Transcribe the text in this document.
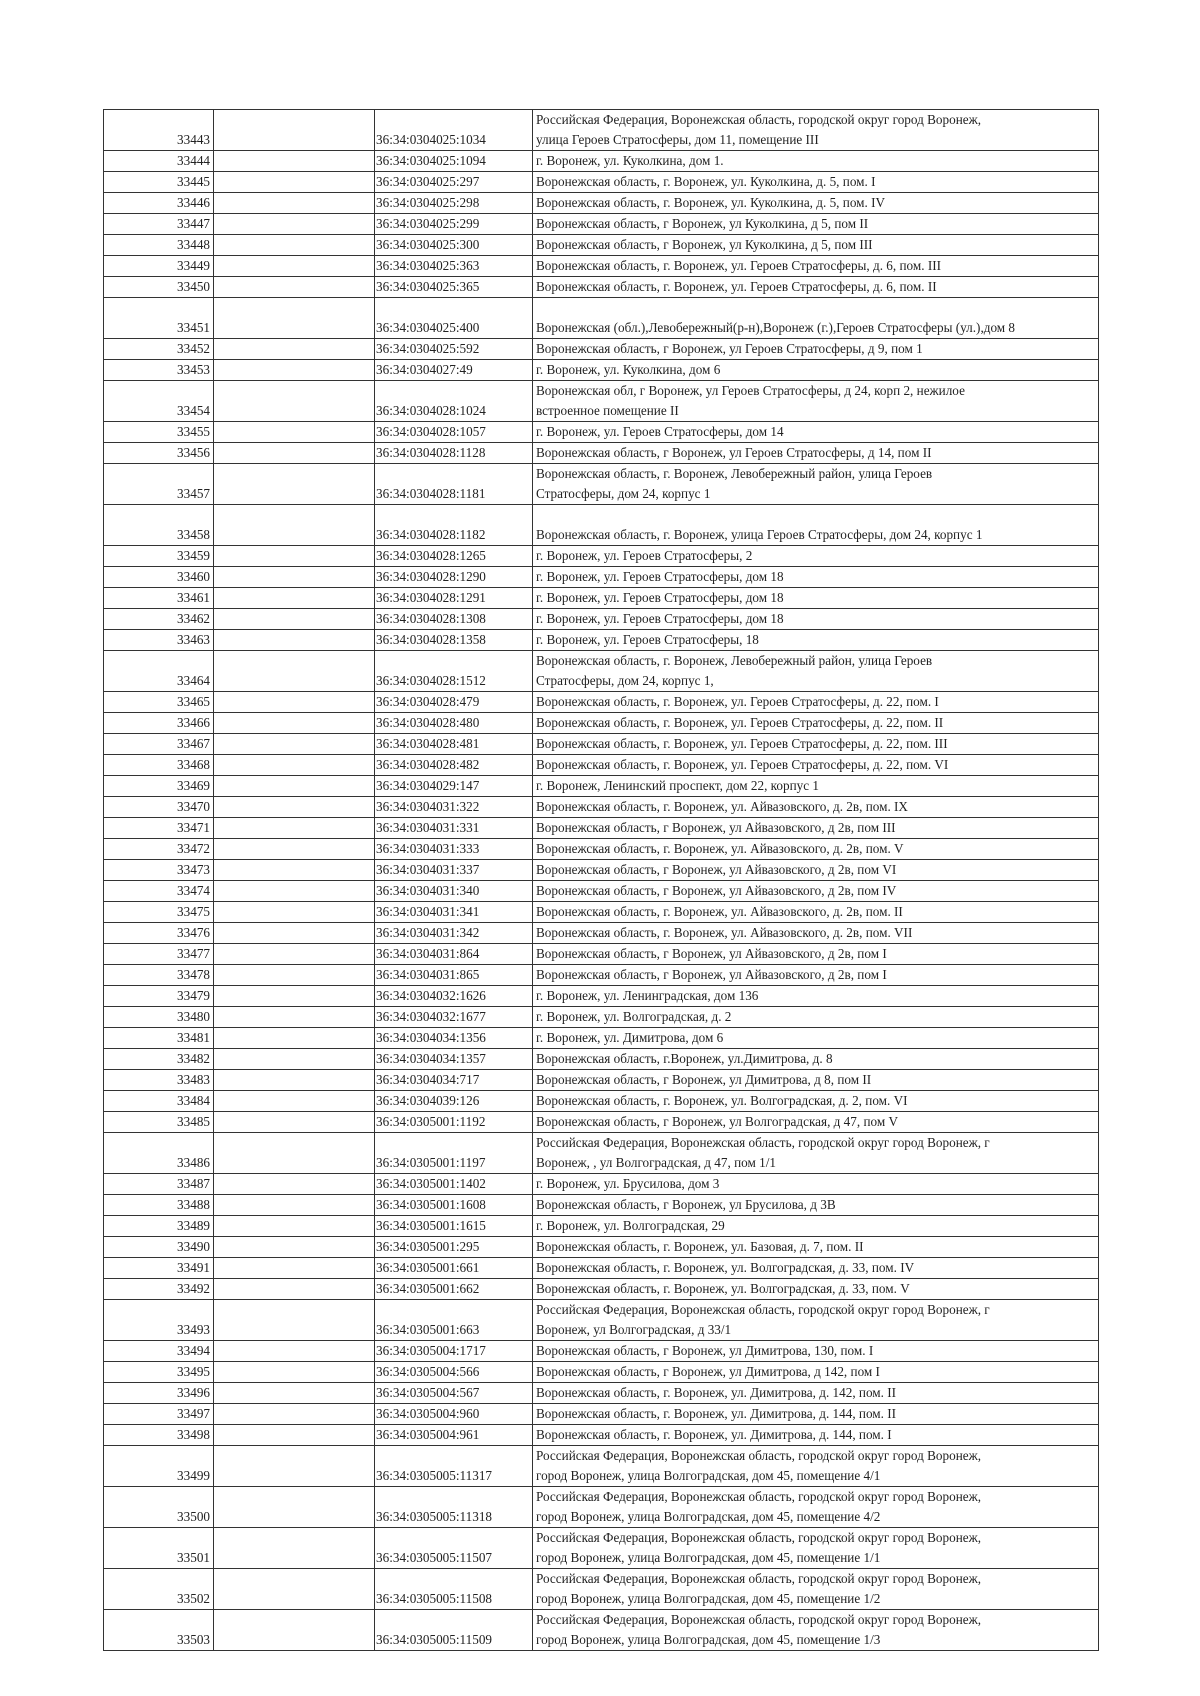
33443		36:34:0304025:1034	Российская Федерация, Воронежская область, городской округ город Воронеж,
улица Героев Стратосферы, дом 11, помещение III

33444		36:34:0304025:1094	г. Воронеж, ул. Куколкина, дом 1.

33445		36:34:0304025:297	Воронежская область, г. Воронеж, ул. Куколкина, д. 5, пом. I

33446		36:34:0304025:298	Воронежская область, г. Воронеж, ул. Куколкина, д. 5, пом. IV

33447		36:34:0304025:299	Воронежская область, г Воронеж, ул Куколкина, д 5, пом II

33448		36:34:0304025:300	Воронежская область, г Воронеж, ул Куколкина, д 5, пом III

33449		36:34:0304025:363	Воронежская область, г. Воронеж, ул. Героев Стратосферы, д. 6, пом. III

33450		36:34:0304025:365	Воронежская область, г. Воронеж, ул. Героев Стратосферы, д. 6, пом. II

33451		36:34:0304025:400	Воронежская (обл.),Левобережный(р-н),Воронеж (г.),Героев Стратосферы (ул.),дом 8

33452		36:34:0304025:592	Воронежская область, г Воронеж, ул Героев Стратосферы, д 9, пом 1

33453		36:34:0304027:49	г. Воронеж, ул. Куколкина, дом 6

33454		36:34:0304028:1024	Воронежская обл, г Воронеж, ул Героев Стратосферы, д 24, корп 2, нежилое
встроенное помещение II

33455		36:34:0304028:1057	г. Воронеж, ул. Героев Стратосферы, дом 14

33456		36:34:0304028:1128	Воронежская область, г Воронеж, ул Героев Стратосферы, д 14, пом II

33457		36:34:0304028:1181	Воронежская область, г. Воронеж, Левобережный район, улица Героев
Стратосферы, дом 24, корпус 1

33458		36:34:0304028:1182	Воронежская область, г. Воронеж, улица Героев Стратосферы, дом 24, корпус 1

33459		36:34:0304028:1265	г. Воронеж, ул. Героев Стратосферы, 2

33460		36:34:0304028:1290	г. Воронеж, ул. Героев Стратосферы, дом 18

33461		36:34:0304028:1291	г. Воронеж, ул. Героев Стратосферы, дом 18

33462		36:34:0304028:1308	г. Воронеж, ул. Героев Стратосферы, дом 18

33463		36:34:0304028:1358	г. Воронеж, ул. Героев Стратосферы, 18

33464		36:34:0304028:1512	Воронежская область, г. Воронеж, Левобережный район, улица Героев
Стратосферы, дом 24, корпус 1,

33465		36:34:0304028:479	Воронежская область, г. Воронеж, ул. Героев Стратосферы, д. 22, пом. I

33466		36:34:0304028:480	Воронежская область, г. Воронеж, ул. Героев Стратосферы, д. 22, пом. II

33467		36:34:0304028:481	Воронежская область, г. Воронеж, ул. Героев Стратосферы, д. 22, пом. III

33468		36:34:0304028:482	Воронежская область, г. Воронеж, ул. Героев Стратосферы, д. 22, пом. VI

33469		36:34:0304029:147	г. Воронеж, Ленинский проспект, дом 22, корпус 1

33470		36:34:0304031:322	Воронежская область, г. Воронеж, ул. Айвазовского, д. 2в, пом. IX

33471		36:34:0304031:331	Воронежская область, г Воронеж, ул Айвазовского, д 2в, пом III

33472		36:34:0304031:333	Воронежская область, г. Воронеж, ул. Айвазовского, д. 2в, пом. V

33473		36:34:0304031:337	Воронежская область, г Воронеж, ул Айвазовского, д 2в, пом VI

33474		36:34:0304031:340	Воронежская область, г Воронеж, ул Айвазовского, д 2в, пом IV

33475		36:34:0304031:341	Воронежская область, г. Воронеж, ул. Айвазовского, д. 2в, пом. II

33476		36:34:0304031:342	Воронежская область, г. Воронеж, ул. Айвазовского, д. 2в, пом. VII

33477		36:34:0304031:864	Воронежская область, г Воронеж, ул Айвазовского, д 2в, пом I

33478		36:34:0304031:865	Воронежская область, г Воронеж, ул Айвазовского, д 2в, пом I

33479		36:34:0304032:1626	г. Воронеж, ул. Ленинградская, дом 136

33480		36:34:0304032:1677	г. Воронеж, ул. Волгоградская, д. 2

33481		36:34:0304034:1356	г. Воронеж, ул. Димитрова, дом 6

33482		36:34:0304034:1357	Воронежская область, г.Воронеж, ул.Димитрова, д. 8

33483		36:34:0304034:717	Воронежская область, г Воронеж, ул Димитрова, д 8, пом II

33484		36:34:0304039:126	Воронежская область, г. Воронеж, ул. Волгоградская, д. 2, пом. VI

33485		36:34:0305001:1192	Воронежская область, г Воронеж, ул Волгоградская, д 47, пом V

33486		36:34:0305001:1197	Российская Федерация, Воронежская область, городской округ город Воронеж, г
Воронеж, , ул Волгоградская, д 47, пом 1/1

33487		36:34:0305001:1402	г. Воронеж, ул. Брусилова, дом 3

33488		36:34:0305001:1608	Воронежская область, г Воронеж, ул Брусилова, д 3В

33489		36:34:0305001:1615	г. Воронеж, ул. Волгоградская, 29

33490		36:34:0305001:295	Воронежская область, г. Воронеж, ул. Базовая, д. 7, пом. II

33491		36:34:0305001:661	Воронежская область, г. Воронеж, ул. Волгоградская, д. 33, пом. IV

33492		36:34:0305001:662	Воронежская область, г. Воронеж, ул. Волгоградская, д. 33, пом. V

33493		36:34:0305001:663	Российская Федерация, Воронежская область, городской округ город Воронеж, г
Воронеж, ул Волгоградская, д 33/1

33494		36:34:0305004:1717	Воронежская область, г Воронеж, ул Димитрова, 130, пом. I

33495		36:34:0305004:566	Воронежская область, г Воронеж, ул Димитрова, д 142, пом I

33496		36:34:0305004:567	Воронежская область, г. Воронеж, ул. Димитрова, д. 142, пом. II

33497		36:34:0305004:960	Воронежская область, г. Воронеж, ул. Димитрова, д. 144, пом. II

33498		36:34:0305004:961	Воронежская область, г. Воронеж, ул. Димитрова, д. 144, пом. I

33499		36:34:0305005:11317	Российская Федерация, Воронежская область, городской округ город Воронеж,
город Воронеж, улица Волгоградская, дом 45, помещение 4/1

33500		36:34:0305005:11318	Российская Федерация, Воронежская область, городской округ город Воронеж,
город Воронеж, улица Волгоградская, дом 45, помещение 4/2

33501		36:34:0305005:11507	Российская Федерация, Воронежская область, городской округ город Воронеж,
город Воронеж, улица Волгоградская, дом 45, помещение 1/1

33502		36:34:0305005:11508	Российская Федерация, Воронежская область, городской округ город Воронеж,
город Воронеж, улица Волгоградская, дом 45, помещение 1/2

33503		36:34:0305005:11509	Российская Федерация, Воронежская область, городской округ город Воронеж,
город Воронеж, улица Волгоградская, дом 45, помещение 1/3
